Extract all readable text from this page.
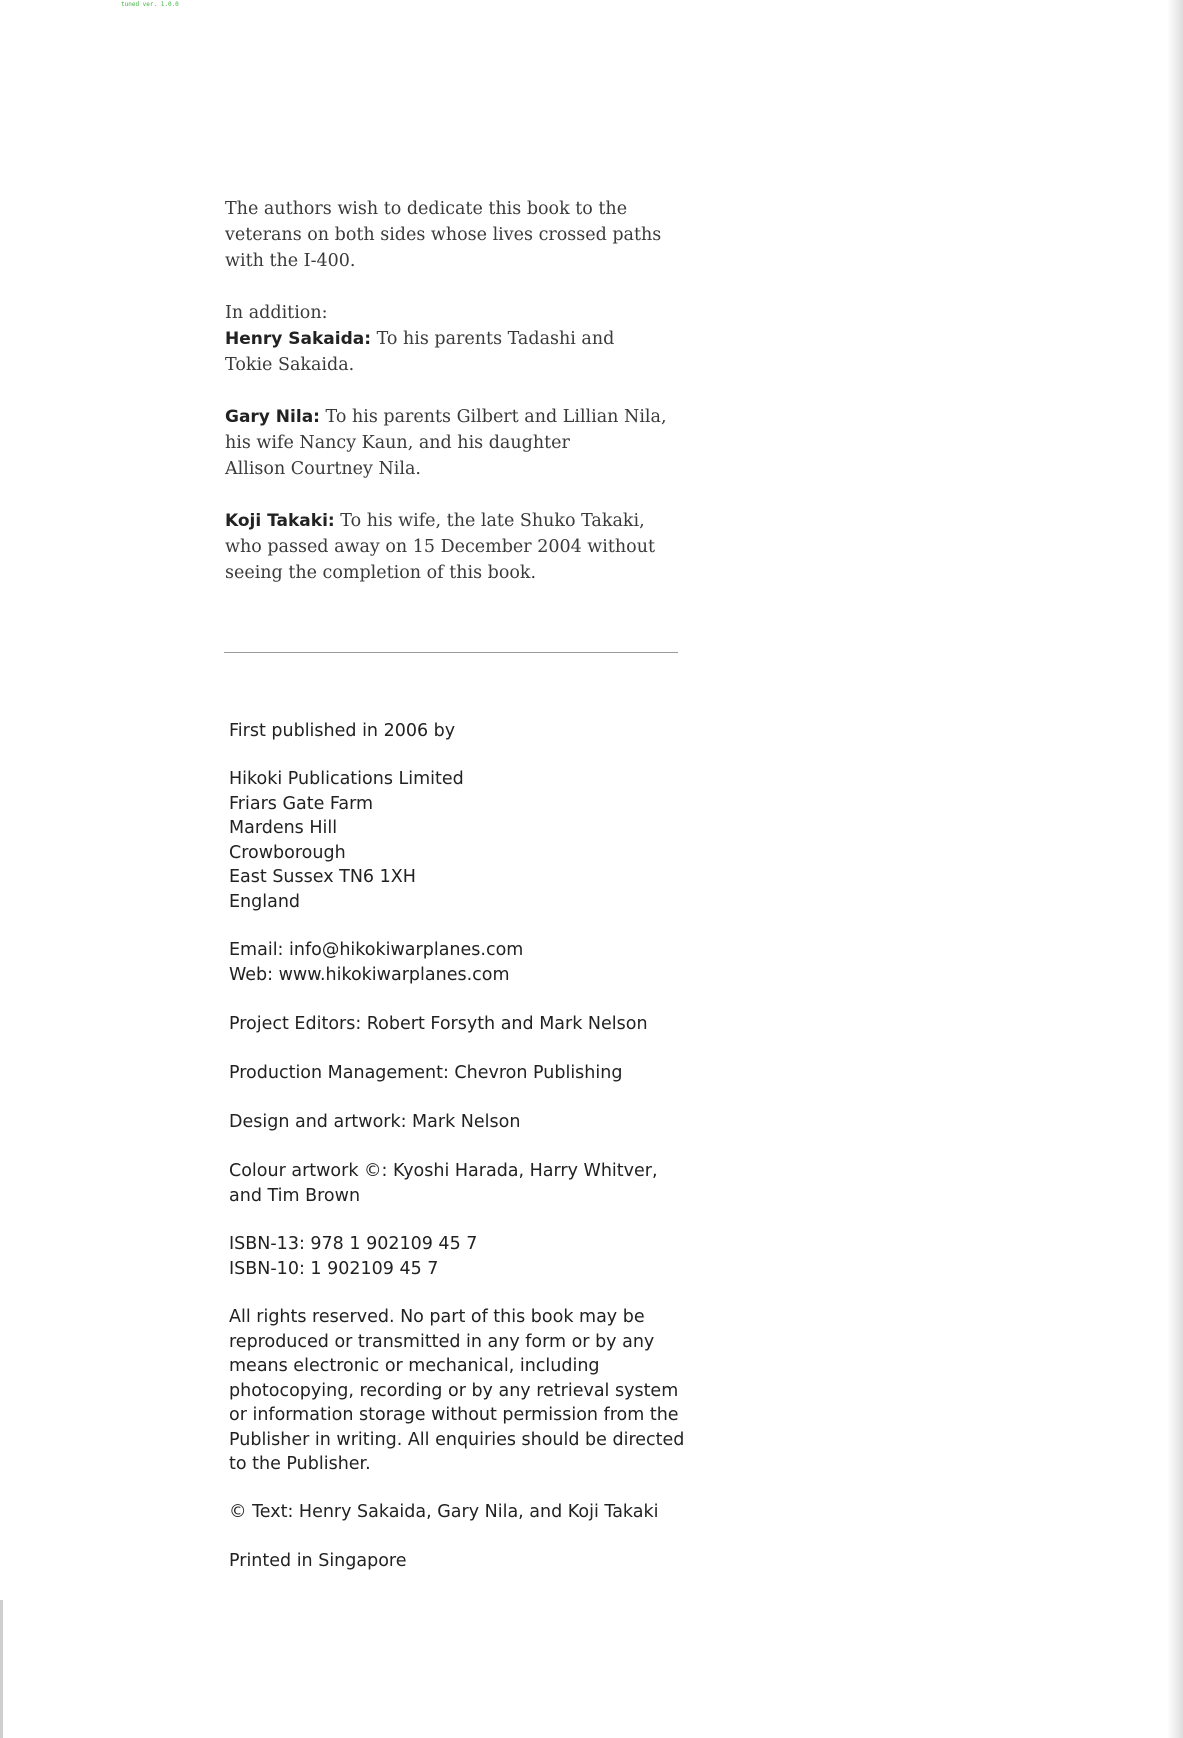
tuned ver. 1.0.0

The authors wish to dedicate this book to the

veterans on both sides whose lives crossed paths

with the I-400.

In addition:

Henry Sakaida: To his parents Tadashi and

Tokie Sakaida.

Gary Nila: To his parents Gilbert and Lillian Nila,

his wife Nancy Kaun, and his daughter

Allison Courtney Nila.

Koji Takaki: To his wife, the late Shuko Takaki,

who passed away on 15 December 2004 without

seeing the completion of this book.

First published in 2006 by

Hikoki Publications Limited

Friars Gate Farm

Mardens Hill

Crowborough

East Sussex TN6 1XH

England

Email: info@hikokiwarplanes.com

Web: www.hikokiwarplanes.com

Project Editors: Robert Forsyth and Mark Nelson
Production Management: Chevron Publishing
Design and artwork: Mark Nelson

Colour artwork ©: Kyoshi Harada, Harry Whitver,

and Tim Brown

ISBN-13: 978 1 902109 45 7

ISBN-10: 1 902109 45 7

All rights reserved. No part of this book may be

reproduced or transmitted in any form or by any

means electronic or mechanical, including

photocopying, recording or by any retrieval system

or information storage without permission from the

Publisher in writing. All enquiries should be directed

to the Publisher.

© Text: Henry Sakaida, Gary Nila, and Koji Takaki
Printed in Singapore
